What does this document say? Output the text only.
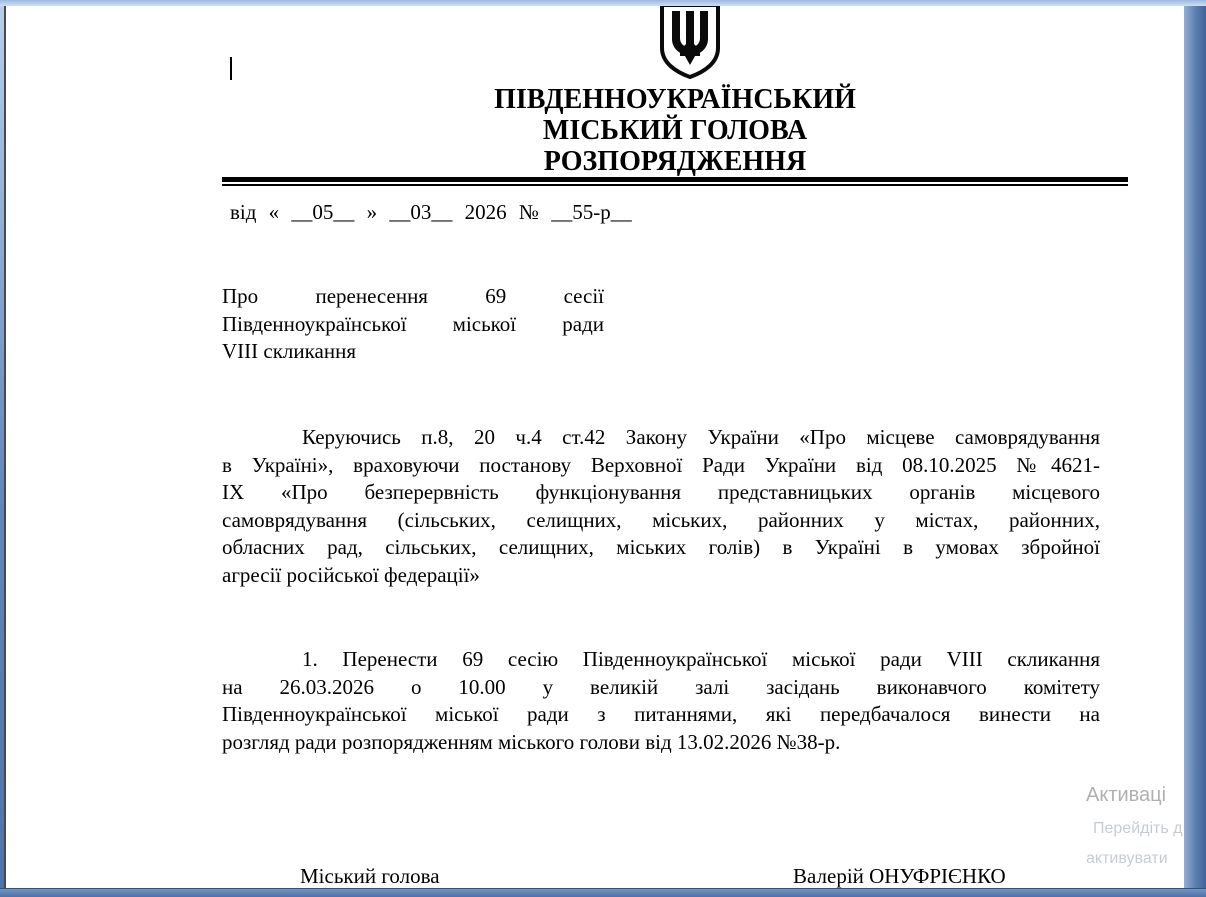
ПІВДЕННОУКРАЇНСЬКИЙ
МІСЬКИЙ ГОЛОВА
РОЗПОРЯДЖЕННЯ
від « __05__ » __03__ 2026 № __55-р__
Про перенесення 69 сесії
Південноукраїнської міської ради
VIII скликання
Керуючись п.8, 20 ч.4 ст.42 Закону України «Про місцеве самоврядування
в Україні», враховуючи постанову Верховної Ради України від 08.10.2025 №4621-
ІХ «Про безперервність функціонування представницьких органів місцевого
самоврядування (сільських, селищних, міських, районних у містах, районних,
обласних рад, сільських, селищних, міських голів) в Україні в умовах збройної
агресії російської федерації»
1. Перенести 69 сесію Південноукраїнської міської ради VIII скликання
на 26.03.2026 о 10.00 у великій залі засідань виконавчого комітету
Південноукраїнської міської ради з питаннями, які передбачалося винести на
розгляд ради розпорядженням міського голови від 13.02.2026 №38-р.
Міський голова	Валерій ОНУФРІЄНКО
Активаці
Перейдіть д
активувати
